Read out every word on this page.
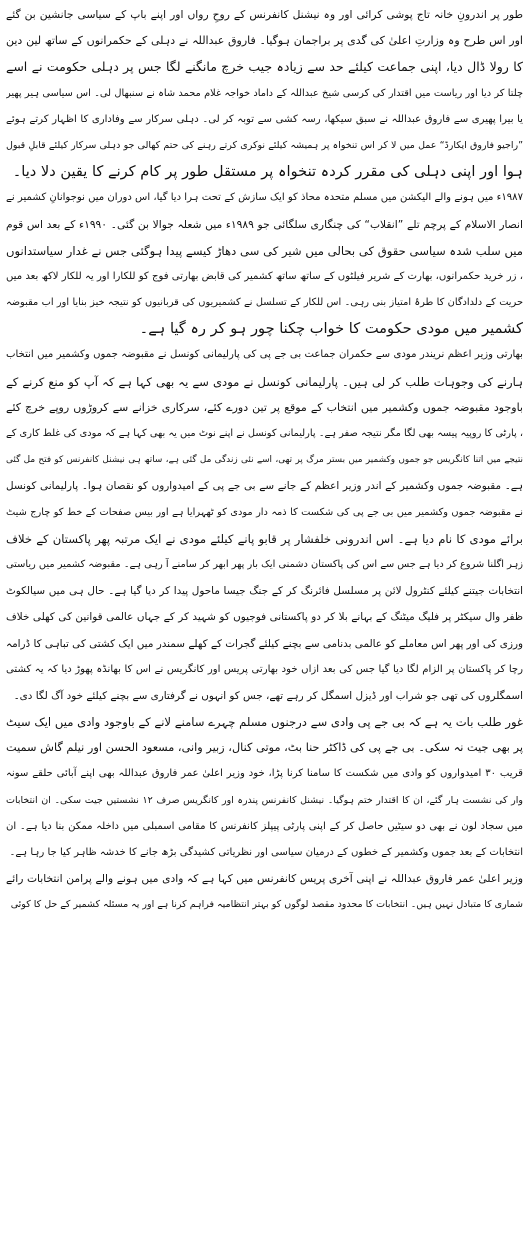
طور پر اندرونِ خانہ تاج پوشی کرائی اور وہ نیشنل کانفرنس کے روحِ رواں اور اپنے باپ کے سیاسی جانشین بن گئے
اور اس طرح وہ وزارتِ اعلیٰ کی گدی پر براجمان ہوگیا۔ فاروق عبداللہ نے دہلی کے حکمرانوں کے ساتھ لین دین
کا رولا ڈال دیا، اپنی جماعت کیلئے حد سے زیادہ جیب خرچ مانگنے لگا جس پر دہلی حکومت نے اسے
چلتا کر دیا اور ریاست میں اقتدار کی کرسی شیخ عبداللہ کے داماد خواجہ غلام محمد شاہ نے سنبھال لی۔ اس سیاسی ہیر پھیر
یا بیرا پھیری سے فاروق عبداللہ نے سبق سیکھا، رسہ کشی سے توبہ کر لی۔ دہلی سرکار سے وفاداری کا اظہار کرتے ہوئے
”راجیو فاروق ایکارڈ“ عمل میں لا کر اس تنخواہ پر ہمیشہ کیلئے نوکری کرتے رہنے کی حتم کھالی جو دہلی سرکار کیلئے قابلِ قبول
ہوا اور اپنی دہلی کی مقرر کردہ تنخواہ پر مستقل طور پر کام کرنے کا یقین دلا دیا۔
۱۹۸۷ء میں ہونے والے الیکشن میں مسلم متحدہ محاذ کو ایک سازش کے تحت ہرا دیا گیا، اس دوران میں نوجوانانِ کشمیر نے
انصار الاسلام کے پرچم تلے ”انقلاب“ کی چنگاری سلگائی جو ۱۹۸۹ء میں شعلہ جوالا بن گئی۔ ۱۹۹۰ء کے بعد اس قوم
میں سلب شدہ سیاسی حقوق کی بحالی میں شیر کی سی دھاڑ کیسے پیدا ہوگئی جس نے غدار سیاستدانوں
، زر خرید حکمرانوں، بھارت کے شریر فیلٹوں کے ساتھ ساتھ کشمیر کی قابض بھارتی فوج کو للکارا اور یہ للکار لاکھ بعد میں
حریت کے دلدادگان کا طرۂ امتیاز بنی رہی۔ اس للکار کے تسلسل نے کشمیریوں کی قربانیوں کو نتیجہ خیز بنایا اور اب مقبوضہ
کشمیر میں مودی حکومت کا خواب چکنا چور ہو کر رہ گیا ہے۔
بھارتی وزیر اعظم نریندر مودی سے حکمران جماعت بی جے پی کی پارلیمانی کونسل نے مقبوضہ جموں وکشمیر میں انتخاب
ہارنے کی وجوہات طلب کر لی ہیں۔ پارلیمانی کونسل نے مودی سے یہ بھی کہا ہے کہ آپ کو منع کرنے کے
باوجود مقبوضہ جموں وکشمیر میں انتخاب کے موقع پر تین دورے کئے، سرکاری خزانے سے کروڑوں روپے خرچ کئے
، پارٹی کا روپیہ پیسہ بھی لگا مگر نتیجہ صفر ہے۔ پارلیمانی کونسل نے اپنے نوٹ میں یہ بھی کہا ہے کہ مودی کی غلط کاری کے
نتیجے میں اتنا کانگریس جو جموں وکشمیر میں بستر مرگ پر تھی، اسے نئی زندگی مل گئی ہے، ساتھ ہی نیشنل کانفرنس کو فتح مل گئی
ہے۔ مقبوضہ جموں وکشمیر کے اندر وزیر اعظم کے جانے سے بی جے پی کے امیدواروں کو نقصان ہوا۔ پارلیمانی کونسل
نے مقبوضہ جموں وکشمیر میں بی جے پی کی شکست کا ذمہ دار مودی کو ٹھہرایا ہے اور بیس صفحات کے خط کو چارج شیٹ
برائے مودی کا نام دیا ہے۔ اس اندرونی خلفشار پر قابو پانے کیلئے مودی نے ایک مرتبہ پھر پاکستان کے خلاف
زہر اگلنا شروع کر دیا ہے جس سے اس کی پاکستان دشمنی ایک بار پھر ابھر کر سامنے آ رہی ہے۔ مقبوضہ کشمیر میں ریاستی
انتخابات جیتنے کیلئے کنٹرول لائن پر مسلسل فائرنگ کر کے جنگ جیسا ماحول پیدا کر دیا گیا ہے۔ حال ہی میں سیالکوٹ
ظفر وال سیکٹر پر فلیگ میٹنگ کے بہانے بلا کر دو پاکستانی فوجیوں کو شہید کر کے جہاں عالمی قوانین کی کھلی خلاف
ورزی کی اور پھر اس معاملے کو عالمی بدنامی سے بچنے کیلئے گجرات کے کھلے سمندر میں ایک کشتی کی تباہی کا ڈرامہ
رچا کر پاکستان پر الزام لگا دیا گیا جس کی بعد ازاں خود بھارتی پریس اور کانگریس نے اس کا بھانڈہ پھوڑ دیا کہ یہ کشتی
اسمگلروں کی تھی جو شراب اور ڈیزل اسمگل کر رہے تھے، جس کو انہوں نے گرفتاری سے بچنے کیلئے خود آگ لگا دی۔
غور طلب بات یہ ہے کہ بی جے پی وادی سے درجنوں مسلم چہرے سامنے لانے کے باوجود وادی میں ایک سیٹ
پر بھی جیت نہ سکی۔ بی جے پی کی ڈاکٹر حنا بٹ، موتی کنال، زبیر وانی، مسعود الحسن اور نیلم گاش سمیت
قریب ۳۰ امیدواروں کو وادی میں شکست کا سامنا کرنا پڑا، خود وزیر اعلیٰ عمر فاروق عبداللہ بھی اپنے آبائی حلقے سونہ
وار کی نشست ہار گئے، ان کا اقتدار ختم ہوگیا۔ نیشنل کانفرنس پندرہ اور کانگریس صرف ۱۲ نشستیں جیت سکی۔ ان انتخابات
میں سجاد لون نے بھی دو سیٹیں حاصل کر کے اپنی پارٹی پیپلز کانفرنس کا مقامی اسمبلی میں داخلہ ممکن بنا دیا ہے۔ ان
انتخابات کے بعد جموں وکشمیر کے خطوں کے درمیان سیاسی اور نظریاتی کشیدگی بڑھ جانے کا خدشہ ظاہر کیا جا رہا ہے۔
وزیر اعلیٰ عمر فاروق عبداللہ نے اپنی آخری پریس کانفرنس میں کہا ہے کہ وادی میں ہونے والے پرامن انتخابات رائے
شماری کا متبادل نہیں ہیں۔ انتخابات کا محدود مقصد لوگوں کو بہتر انتظامیہ فراہم کرنا ہے اور یہ مسئلہ کشمیر کے حل کا کوئی
